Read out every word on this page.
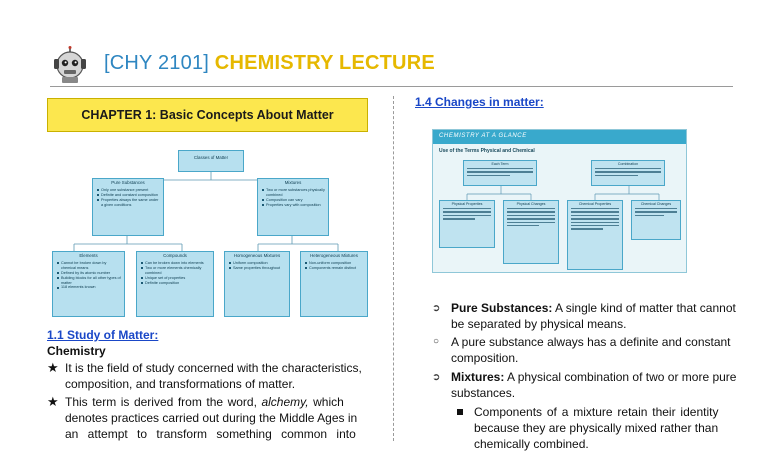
[CHY 2101] CHEMISTRY LECTURE
CHAPTER 1: Basic Concepts About Matter
Classes of Matter
Pure Substances
Only one substance present
Definite and constant composition
Properties always the same under a given conditions
Mixtures
Two or more substances physically combined
Composition can vary
Properties vary with composition
Elements
Cannot be broken down by chemical means
Defined by its atomic number
Building blocks for all other types of matter
118 elements known
Compounds
Can be broken down into elements
Two or more elements chemically combined
Unique set of properties
Definite composition
Homogeneous Mixtures
Uniform composition
Same properties throughout
Heterogeneous Mixtures
Non-uniform composition
Components remain distinct
1.1 Study of Matter:
Chemistry
★ It is the field of study concerned with the characteristics,
composition, and transformations of matter.
★ This term is derived from the word, alchemy, which
denotes practices carried out during the Middle Ages in
an attempt to transform something common into
1.4 Changes in matter:
CHEMISTRY AT A GLANCE
Use of the Terms Physical and Chemical
Each Term	Combination
Physical Properties	Physical Changes	Chemical Properties	Chemical Changes
➲ Pure Substances: A single kind of matter that cannot
be separated by physical means.
○ A pure substance always has a definite and constant
composition.
➲ Mixtures: A physical combination of two or more pure
substances.
Components of a mixture retain their identity
because they are physically mixed rather than
chemically combined.
